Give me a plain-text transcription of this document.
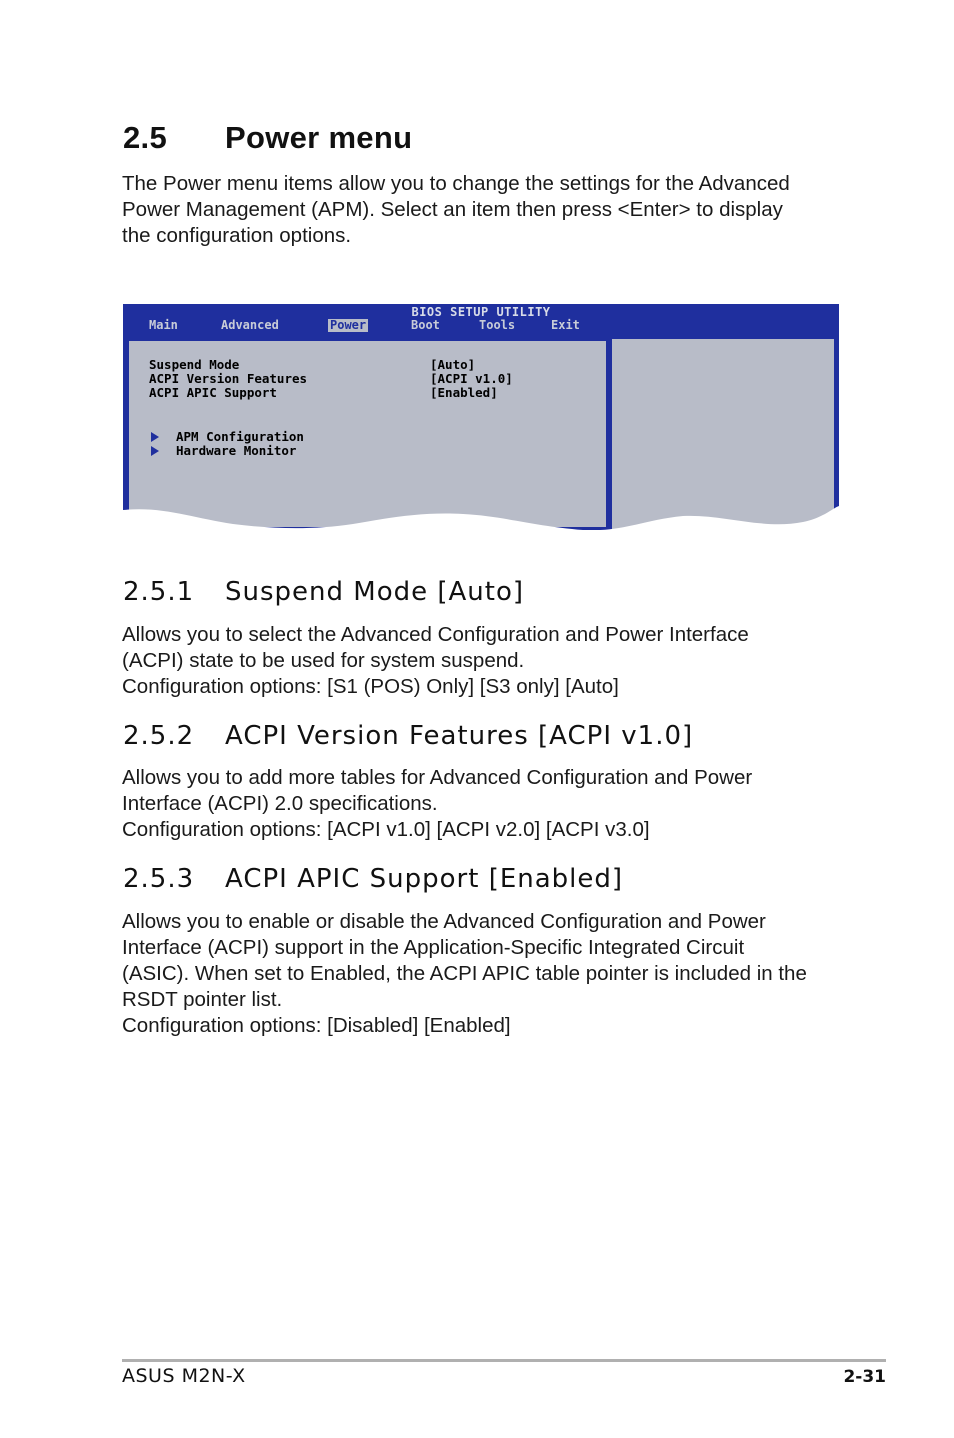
2.5 Power menu

The Power menu items allow you to change the settings for the Advanced
Power Management (APM). Select an item then press <Enter> to display
the configuration options.

BIOS SETUP UTILITY
Main	Advanced	Power	Boot	Tools	Exit
Suspend Mode	[Auto]
ACPI Version Features	[ACPI v1.0]
ACPI APIC Support	[Enabled]
APM Configuration
Hardware Monitor
2.5.1 Suspend Mode [Auto]

Allows you to select the Advanced Configuration and Power Interface
(ACPI) state to be used for system suspend.
Configuration options: [S1 (POS) Only] [S3 only] [Auto]

2.5.2 ACPI Version Features [ACPI v1.0]

Allows you to add more tables for Advanced Configuration and Power
Interface (ACPI) 2.0 specifications.
Configuration options: [ACPI v1.0] [ACPI v2.0] [ACPI v3.0]

2.5.3 ACPI APIC Support [Enabled]

Allows you to enable or disable the Advanced Configuration and Power
Interface (ACPI) support in the Application-Specific Integrated Circuit
(ASIC). When set to Enabled, the ACPI APIC table pointer is included in the
RSDT pointer list.
Configuration options: [Disabled] [Enabled]

ASUS M2N-X	2-31
